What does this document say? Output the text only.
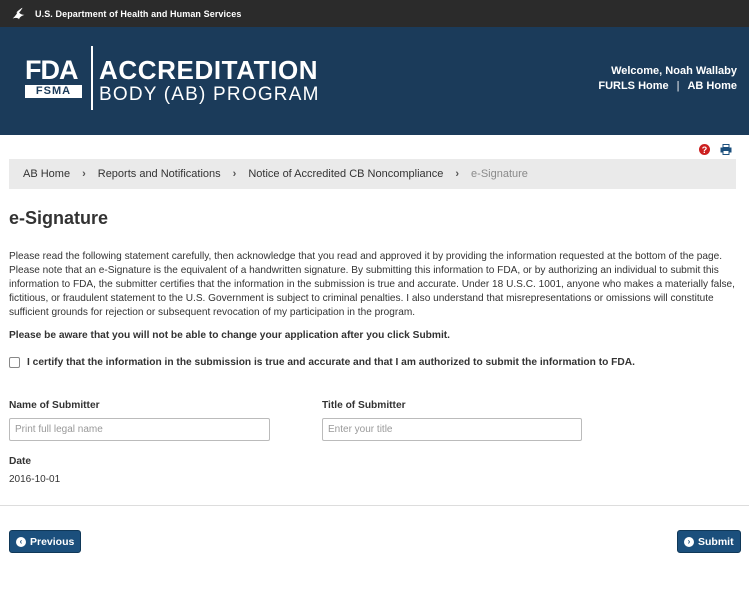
U.S. Department of Health and Human Services
FDA
FSMA
ACCREDITATION
BODY (AB) PROGRAM
Welcome, Noah Wallaby
FURLS Home | AB Home
?
AB Home › Reports and Notifications › Notice of Accredited CB Noncompliance › e-Signature
e-Signature

Please read the following statement carefully, then acknowledge that you read and approved it by providing the information requested at the bottom of the page. Please note that an e-Signature is the equivalent of a handwritten signature. By submitting this information to FDA, or by authorizing an individual to submit this information to FDA, the submitter certifies that the information in the submission is true and accurate. Under 18 U.S.C. 1001, anyone who makes a materially false, fictitious, or fraudulent statement to the U.S. Government is subject to criminal penalties. I also understand that misrepresentations or omissions will constitute sufficient grounds for rejection or subsequent revocation of my participation in the program.

Please be aware that you will not be able to change your application after you click Submit.

I certify that the information in the submission is true and accurate and that I am authorized to submit the information to FDA.
Name of Submitter
Print full legal name	Title of Submitter
Enter your title
Date
2016-10-01
‹ Previous	› Submit
